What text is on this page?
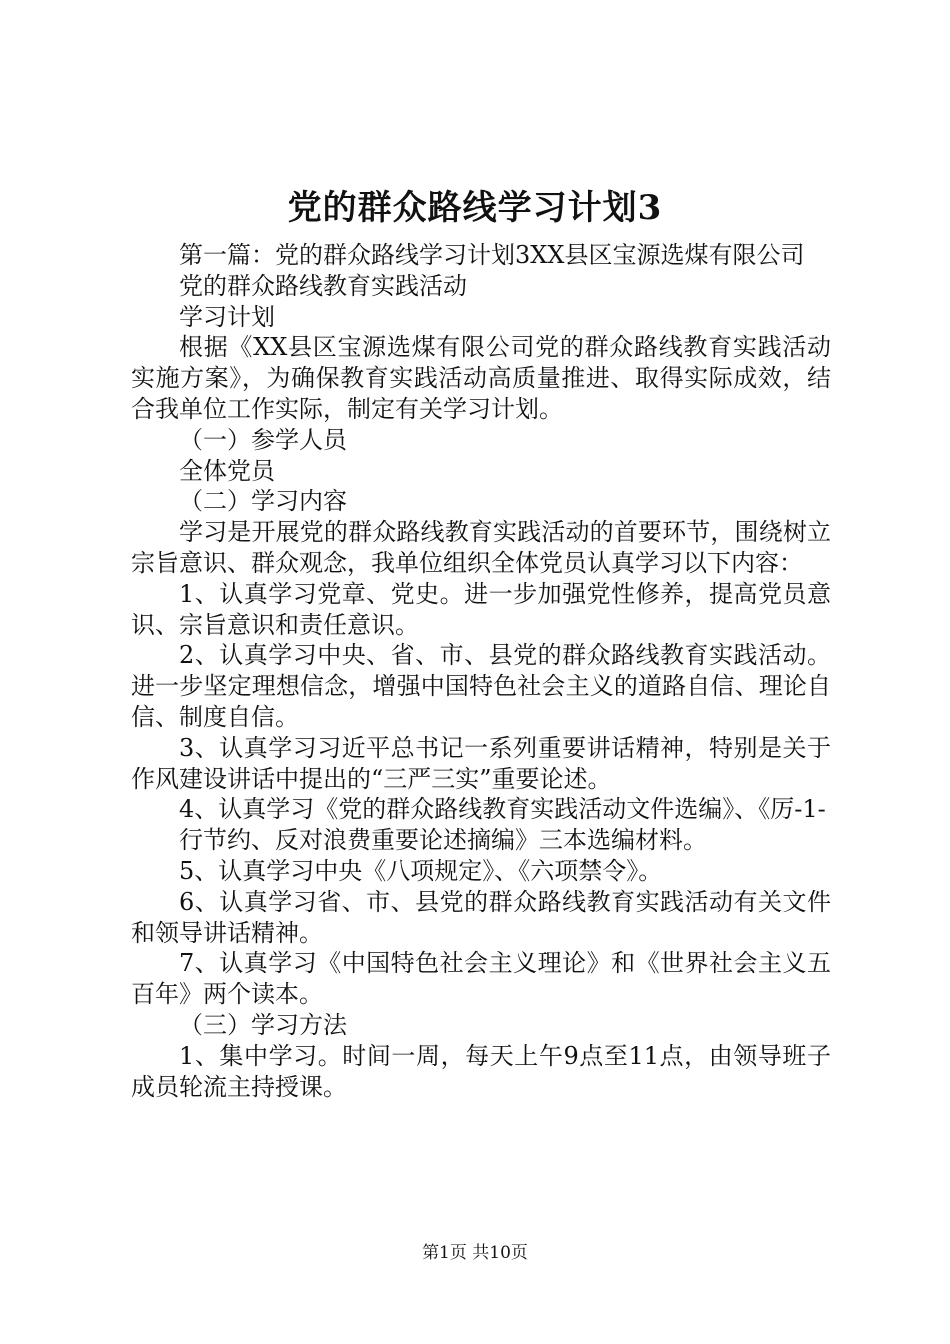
党的群众路线学习计划3

第一篇：党的群众路线学习计划3XX县区宝源选煤有限公司

党的群众路线教育实践活动

学习计划

根据《XX县区宝源选煤有限公司党的群众路线教育实践活动实施方案》，为确保教育实践活动高质量推进、取得实际成效，结合我单位工作实际，制定有关学习计划。

（一）参学人员

全体党员

（二）学习内容

学习是开展党的群众路线教育实践活动的首要环节，围绕树立宗旨意识、群众观念，我单位组织全体党员认真学习以下内容：

1、认真学习党章、党史。进一步加强党性修养，提高党员意识、宗旨意识和责任意识。

2、认真学习中央、省、市、县党的群众路线教育实践活动。进一步坚定理想信念，增强中国特色社会主义的道路自信、理论自信、制度自信。

3、认真学习习近平总书记一系列重要讲话精神，特别是关于作风建设讲话中提出的“三严三实”重要论述。

4、认真学习《党的群众路线教育实践活动文件选编》、《厉-1-

行节约、反对浪费重要论述摘编》三本选编材料。

5、认真学习中央《八项规定》、《六项禁令》。

6、认真学习省、市、县党的群众路线教育实践活动有关文件和领导讲话精神。

7、认真学习《中国特色社会主义理论》和《世界社会主义五百年》两个读本。

（三）学习方法

1、集中学习。时间一周，每天上午9点至11点，由领导班子成员轮流主持授课。

第1页 共10页
